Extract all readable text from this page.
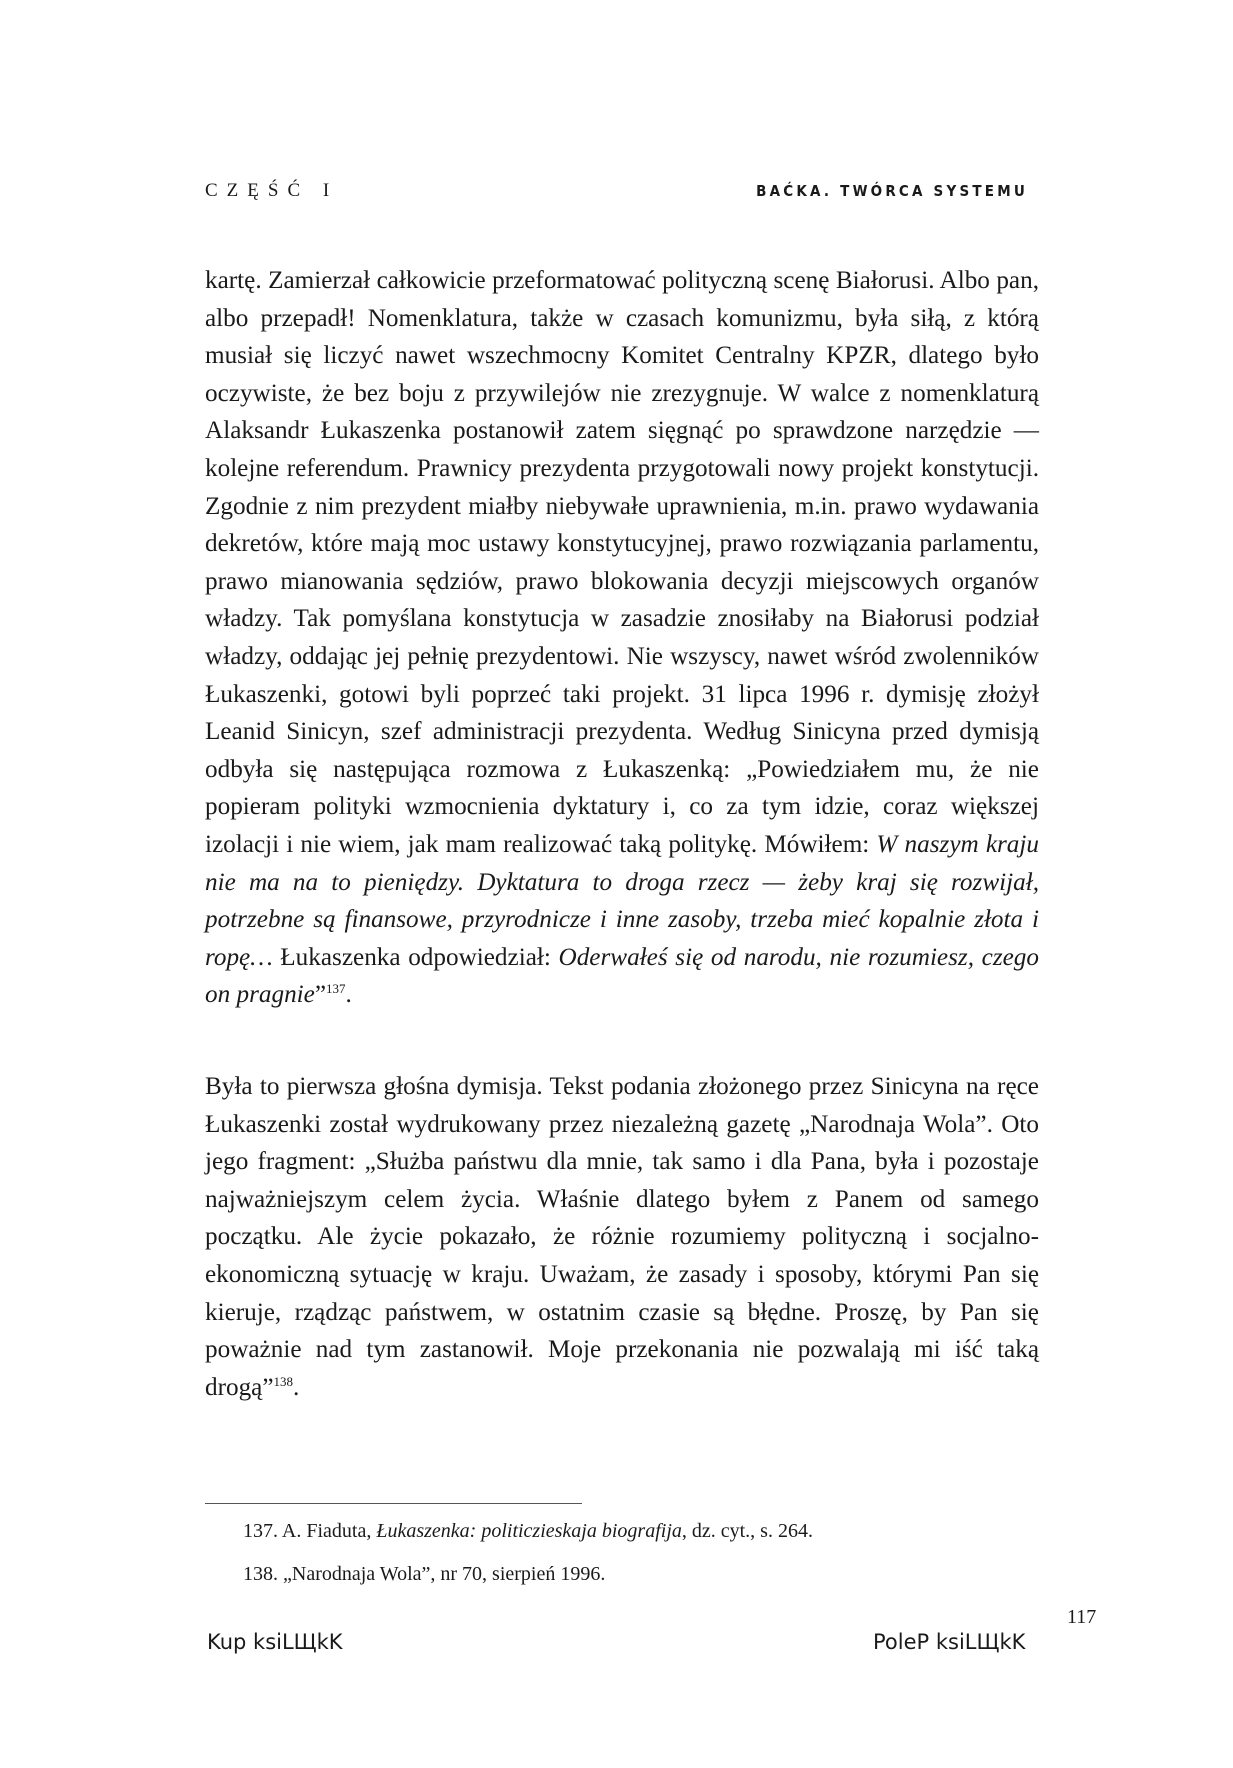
CZĘŚĆ I	BAĆKA. TWÓRCA SYSTEMU

kartę. Zamierzał całkowicie przeformatować polityczną scenę Białorusi. Albo pan, albo przepadł! Nomenklatura, także w czasach komunizmu, była siłą, z którą musiał się liczyć nawet wszechmocny Komitet Centralny KPZR, dlatego było oczywiste, że bez boju z przywilejów nie zrezygnuje. W walce z nomenklaturą Alaksandr Łukaszenka postanowił zatem sięgnąć po sprawdzone narzędzie — kolejne referendum. Prawnicy prezydenta przygotowali nowy projekt konstytucji. Zgodnie z nim prezydent miałby niebywałe uprawnienia, m.in. prawo wydawania dekretów, które mają moc ustawy konstytucyjnej, prawo rozwiązania parlamentu, prawo mianowania sędziów, prawo blokowania decyzji miejscowych organów władzy. Tak pomyślana konstytucja w zasadzie znosiłaby na Białorusi podział władzy, oddając jej pełnię prezydentowi. Nie wszyscy, nawet wśród zwolenników Łukaszenki, gotowi byli poprzeć taki projekt. 31 lipca 1996 r. dymisję złożył Leanid Sinicyn, szef administracji prezydenta. Według Sinicyna przed dymisją odbyła się następująca rozmowa z Łukaszenką: „Powiedziałem mu, że nie popieram polityki wzmocnienia dyktatury i, co za tym idzie, coraz większej izolacji i nie wiem, jak mam realizować taką politykę. Mówiłem: W naszym kraju nie ma na to pieniędzy. Dyktatura to droga rzecz — żeby kraj się rozwijał, potrzebne są finansowe, przyrodnicze i inne zasoby, trzeba mieć kopalnie złota i ropę… Łukaszenka odpowiedział: Oderwałeś się od narodu, nie rozumiesz, czego on pragnie”$^{137}$.

Była to pierwsza głośna dymisja. Tekst podania złożonego przez Sinicyna na ręce Łukaszenki został wydrukowany przez niezależną gazetę „Narodnaja Wola”. Oto jego fragment: „Służba państwu dla mnie, tak samo i dla Pana, była i pozostaje najważniejszym celem życia. Właśnie dlatego byłem z Panem od samego początku. Ale życie pokazało, że różnie rozumiemy polityczną i socjalno-ekonomiczną sytuację w kraju. Uważam, że zasady i sposoby, którymi Pan się kieruje, rządząc państwem, w ostatnim czasie są błędne. Proszę, by Pan się poważnie nad tym zastanowił. Moje przekonania nie pozwalają mi iść taką drogą”$^{138}$.

137. A. Fiaduta, Łukaszenka: politiczieskaja biografija, dz. cyt., s. 264.
138. „Narodnaja Wola”, nr 70, sierpień 1996.
117
Kup ksiLЩkK	PoleP ksiLЩkK
